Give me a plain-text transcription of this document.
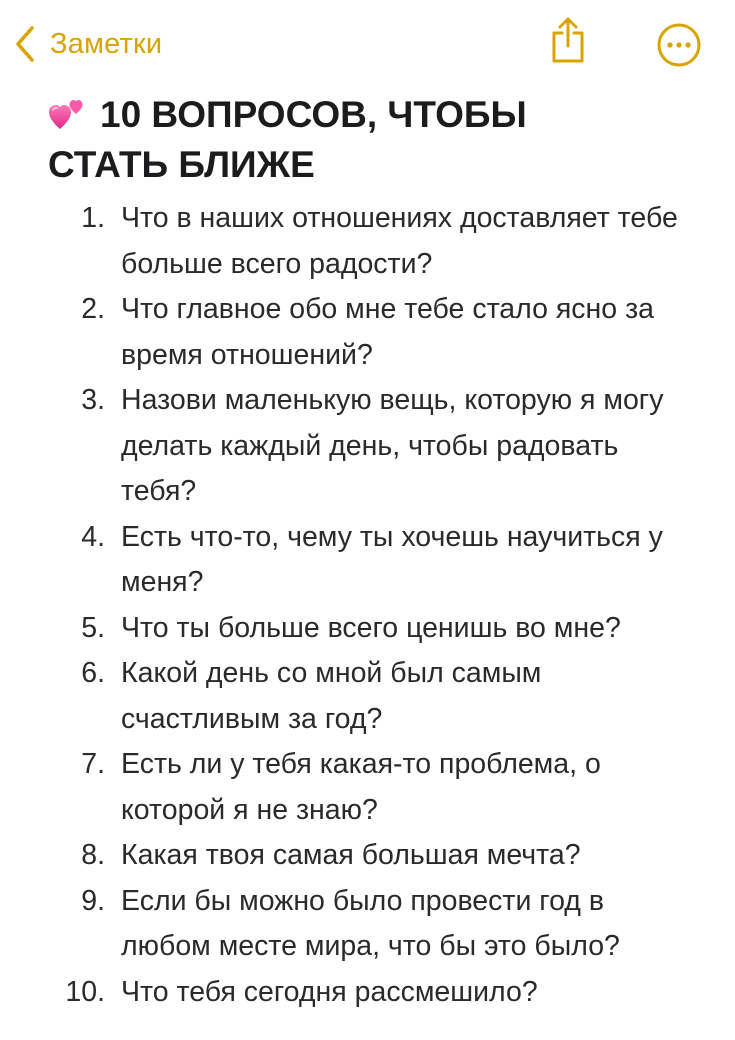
Заметки
10 ВОПРОСОВ, ЧТОБЫ
СТАТЬ БЛИЖЕ
1. Что в наших отношениях доставляет тебе больше всего радости?
2. Что главное обо мне тебе стало ясно за время отношений?
3. Назови маленькую вещь, которую я могу делать каждый день, чтобы радовать тебя?
4. Есть что-то, чему ты хочешь научиться у меня?
5. Что ты больше всего ценишь во мне?
6. Какой день со мной был самым счастливым за год?
7. Есть ли у тебя какая-то проблема, о которой я не знаю?
8. Какая твоя самая большая мечта?
9. Если бы можно было провести год в любом месте мира, что бы это было?
10. Что тебя сегодня рассмешило?
